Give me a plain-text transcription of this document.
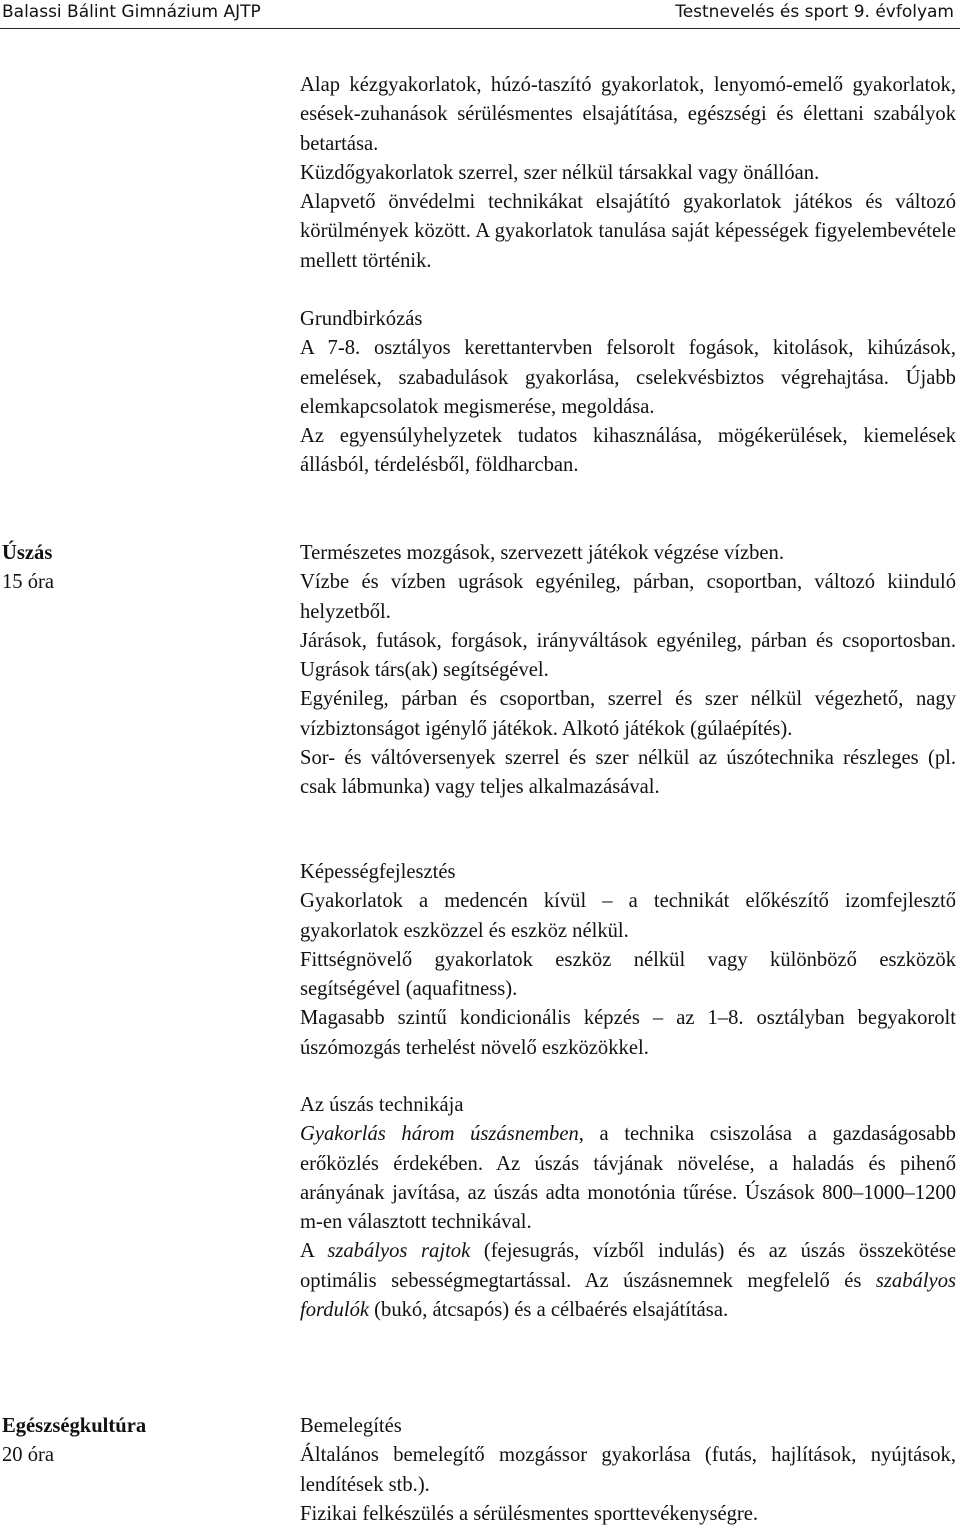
Balassi Bálint Gimnázium AJTP	Testnevelés és sport 9. évfolyam

Alap kézgyakorlatok, húzó-taszító gyakorlatok, lenyomó-emelő gyakorlatok, esések-zuhanások sérülésmentes elsajátítása, egészségi és élettani szabályok betartása.

Küzdőgyakorlatok szerrel, szer nélkül társakkal vagy önállóan.

Alapvető önvédelmi technikákat elsajátító gyakorlatok játékos és változó körülmények között. A gyakorlatok tanulása saját képességek figyelembevétele mellett történik.

Grundbirkózás

A 7-8. osztályos kerettantervben felsorolt fogások, kitolások, kihúzások, emelések, szabadulások gyakorlása, cselekvésbiztos végrehajtása. Újabb elemkapcsolatok megismerése, megoldása.

Az egyensúlyhelyzetek tudatos kihasználása, mögékerülések, kiemelések állásból, térdelésből, földharcban.

Úszás
15 óra

Természetes mozgások, szervezett játékok végzése vízben.

Vízbe és vízben ugrások egyénileg, párban, csoportban, változó kiinduló helyzetből.

Járások, futások, forgások, irányváltások egyénileg, párban és csoportosban. Ugrások társ(ak) segítségével.

Egyénileg, párban és csoportban, szerrel és szer nélkül végezhető, nagy vízbiztonságot igénylő játékok. Alkotó játékok (gúlaépítés).

Sor- és váltóversenyek szerrel és szer nélkül az úszótechnika részleges (pl. csak lábmunka) vagy teljes alkalmazásával.

Képességfejlesztés

Gyakorlatok a medencén kívül – a technikát előkészítő izomfejlesztő gyakorlatok eszközzel és eszköz nélkül.

Fittségnövelő gyakorlatok eszköz nélkül vagy különböző eszközök segítségével (aquafitness).

Magasabb szintű kondicionális képzés – az 1–8. osztályban begyakorolt úszómozgás terhelést növelő eszközökkel.

Az úszás technikája

Gyakorlás három úszásnemben, a technika csiszolása a gazdaságosabb erőközlés érdekében. Az úszás távjának növelése, a haladás és pihenő arányának javítása, az úszás adta monotónia tűrése. Úszások 800–1000–1200 m-en választott technikával.

A szabályos rajtok (fejesugrás, vízből indulás) és az úszás összekötése optimális sebességmegtartással. Az úszásnemnek megfelelő és szabályos fordulók (bukó, átcsapós) és a célbaérés elsajátítása.

Egészségkultúra
20 óra

Bemelegítés

Általános bemelegítő mozgássor gyakorlása (futás, hajlítások, nyújtások, lendítések stb.).

Fizikai felkészülés a sérülésmentes sporttevékenységre.
